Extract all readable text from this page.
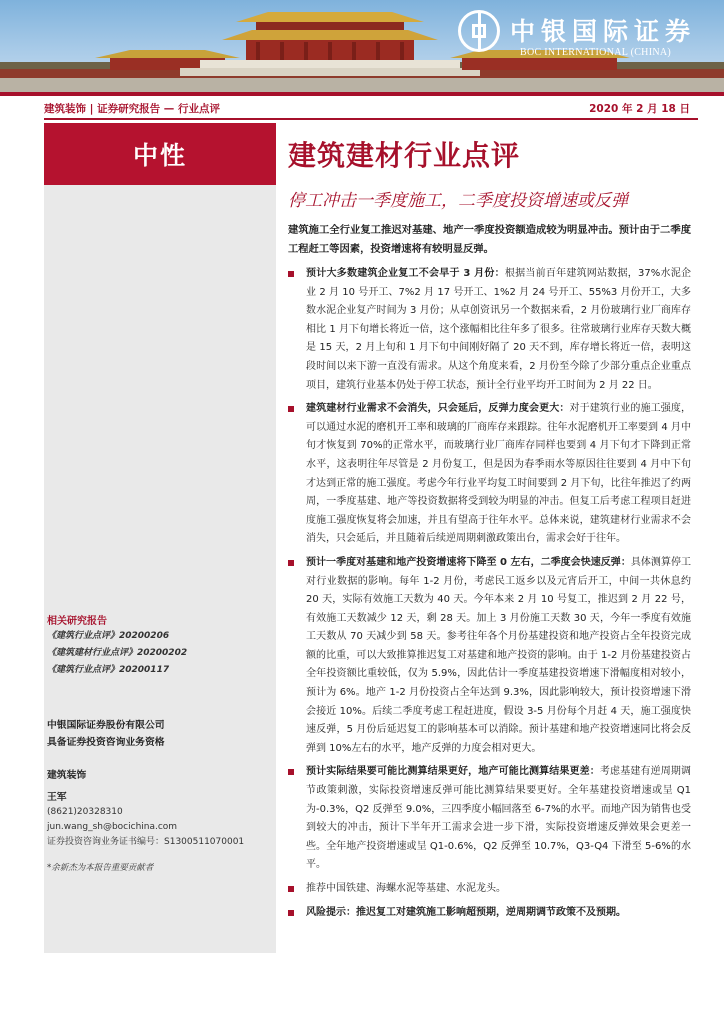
中银国际证券
BOC INTERNATIONAL (CHINA)
建筑装饰 | 证券研究报告 — 行业点评	2020 年 2 月 18 日
中性
相关研究报告
《建筑行业点评》20200206
《建筑建材行业点评》20200202
《建筑行业点评》20200117
中银国际证券股份有限公司
具备证券投资咨询业务资格
建筑装饰
王军
(8621)20328310
jun.wang_sh@bocichina.com
证券投资咨询业务证书编号：S1300511070001
*余新杰为本报告重要贡献者
建筑建材行业点评
停工冲击一季度施工，二季度投资增速或反弹
建筑施工全行业复工推迟对基建、地产一季度投资额造成较为明显冲击。预计由于二季度工程赶工等因素，投资增速将有较明显反弹。
预计大多数建筑企业复工不会早于 3 月份：根据当前百年建筑网站数据，37%水泥企业 2 月 10 号开工、7%2 月 17 号开工、1%2 月 24 号开工、55%3 月份开工，大多数水泥企业复产时间为 3 月份；从卓创资讯另一个数据来看，2 月份玻璃行业厂商库存相比 1 月下旬增长将近一倍，这个涨幅相比往年多了很多。往常玻璃行业库存天数大概是 15 天，2 月上旬和 1 月下旬中间刚好隔了 20 天不到，库存增长将近一倍，表明这段时间以来下游一直没有需求。从这个角度来看，2 月份至今除了少部分重点企业重点项目，建筑行业基本仍处于停工状态，预计全行业平均开工时间为 2 月 22 日。
建筑建材行业需求不会消失，只会延后，反弹力度会更大：对于建筑行业的施工强度，可以通过水泥的磨机开工率和玻璃的厂商库存来跟踪。往年水泥磨机开工率要到 4 月中旬才恢复到 70%的正常水平，而玻璃行业厂商库存同样也要到 4 月下旬才下降到正常水平，这表明往年尽管是 2 月份复工，但是因为春季雨水等原因往往要到 4 月中下旬才达到正常的施工强度。考虑今年行业平均复工时间要到 2 月下旬，比往年推迟了约两周，一季度基建、地产等投资数据将受到较为明显的冲击。但复工后考虑工程项目赶进度施工强度恢复将会加速，并且有望高于往年水平。总体来说，建筑建材行业需求不会消失，只会延后，并且随着后续逆周期刺激政策出台，需求会好于往年。
预计一季度对基建和地产投资增速将下降至 0 左右，二季度会快速反弹：具体测算停工对行业数据的影响。每年 1-2 月份，考虑民工返乡以及元宵后开工，中间一共休息约 20 天，实际有效施工天数为 40 天。今年本来 2 月 10 号复工，推迟到 2 月 22 号，有效施工天数减少 12 天，剩 28 天。加上 3 月份施工天数 30 天，今年一季度有效施工天数从 70 天减少到 58 天。参考往年各个月份基建投资和地产投资占全年投资完成额的比重，可以大致推算推迟复工对基建和地产投资的影响。由于 1-2 月份基建投资占全年投资额比重较低，仅为 5.9%，因此估计一季度基建投资增速下滑幅度相对较小，预计为 6%。地产 1-2 月份投资占全年达到 9.3%，因此影响较大，预计投资增速下滑会接近 10%。后续二季度考虑工程赶进度，假设 3-5 月份每个月赶 4 天，施工强度快速反弹，5 月份后延迟复工的影响基本可以消除。预计基建和地产投资增速同比将会反弹到 10%左右的水平，地产反弹的力度会相对更大。
预计实际结果要可能比测算结果更好，地产可能比测算结果更差：考虑基建有逆周期调节政策刺激，实际投资增速反弹可能比测算结果要更好。全年基建投资增速或呈 Q1 为-0.3%，Q2 反弹至 9.0%，三四季度小幅回落至 6-7%的水平。而地产因为销售也受到较大的冲击，预计下半年开工需求会进一步下滑，实际投资增速反弹效果会更差一些。全年地产投资增速或呈 Q1-0.6%，Q2 反弹至 10.7%，Q3-Q4 下滑至 5-6%的水平。
推荐中国铁建、海螺水泥等基建、水泥龙头。
风险提示：推迟复工对建筑施工影响超预期，逆周期调节政策不及预期。
